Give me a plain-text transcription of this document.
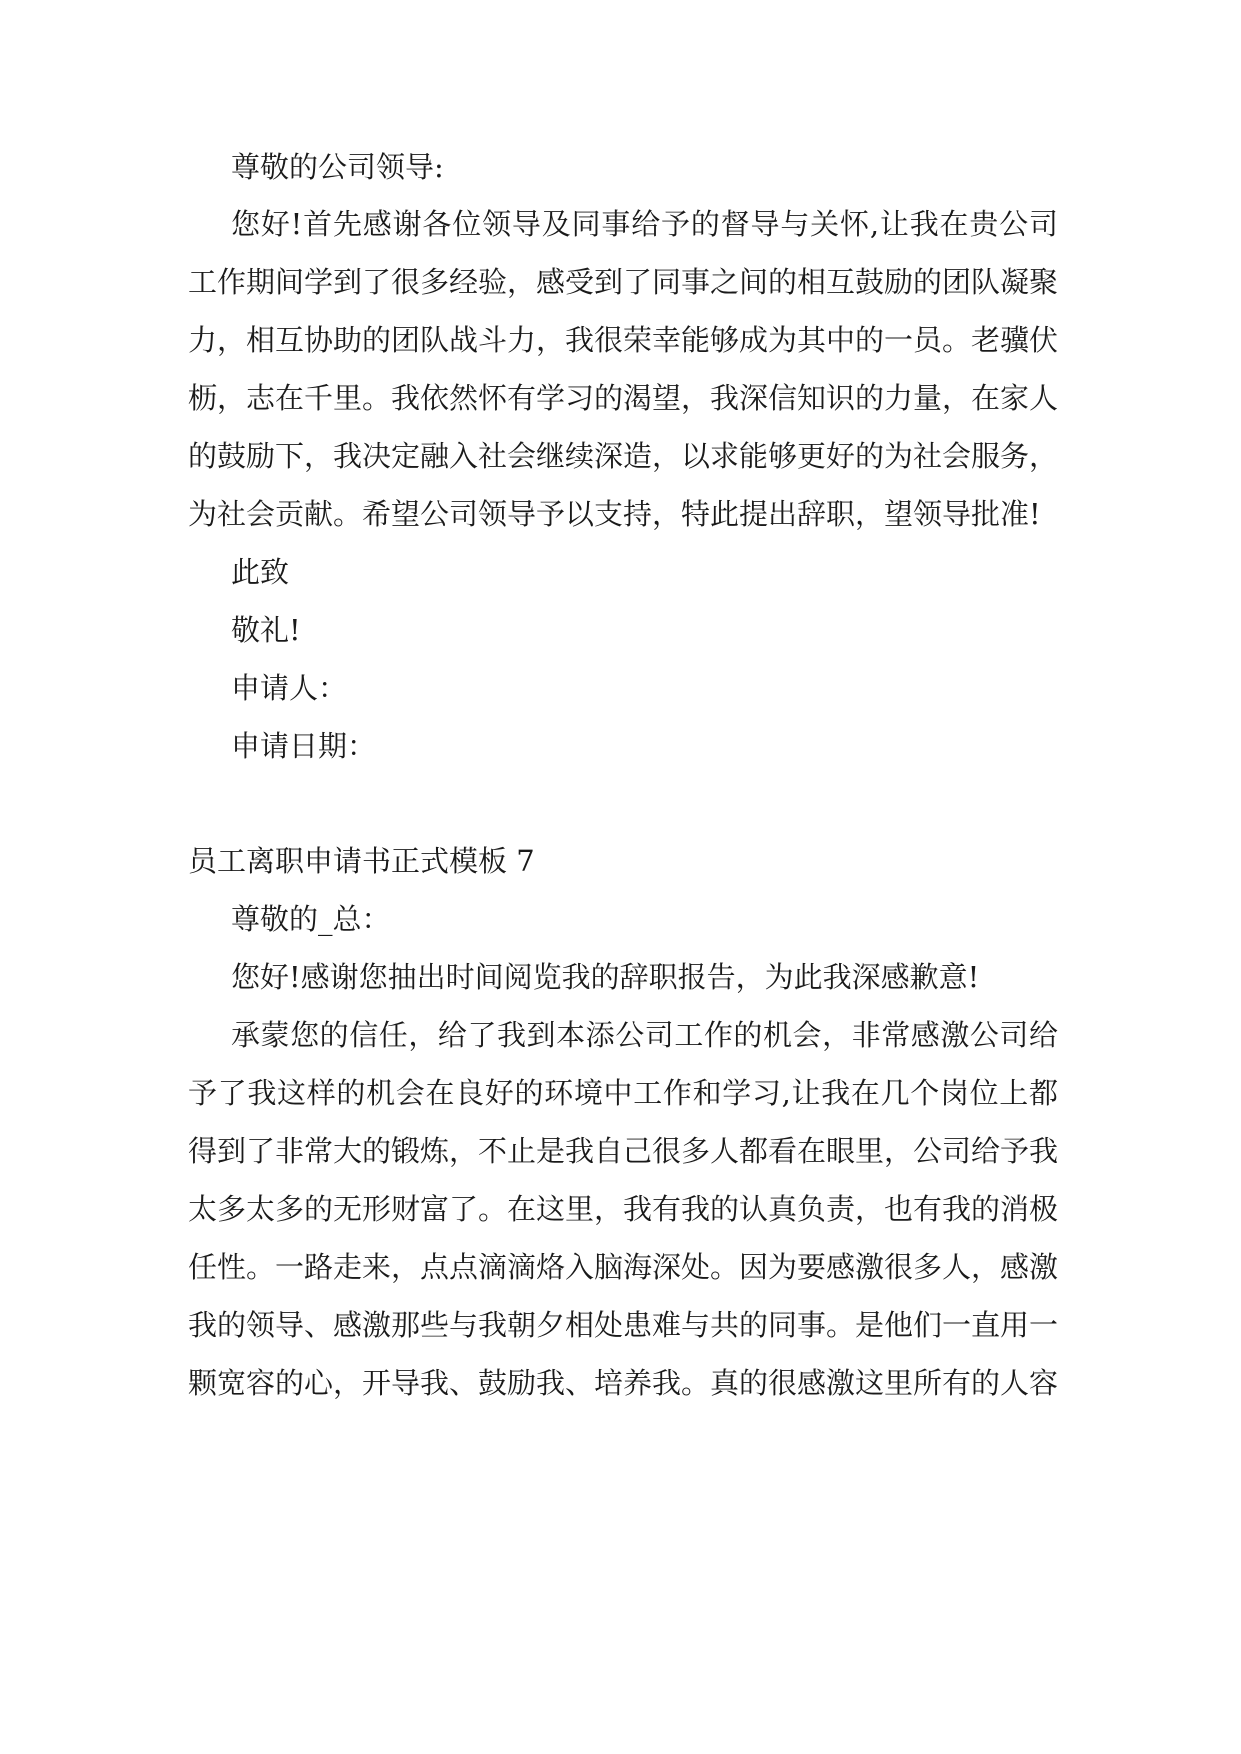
尊敬的公司领导:
您好!首先感谢各位领导及同事给予的督导与关怀,让我在贵公司
工作期间学到了很多经验，感受到了同事之间的相互鼓励的团队凝聚
力，相互协助的团队战斗力，我很荣幸能够成为其中的一员。老骥伏
枥，志在千里。我依然怀有学习的渴望，我深信知识的力量，在家人
的鼓励下，我决定融入社会继续深造，以求能够更好的为社会服务，
为社会贡献。希望公司领导予以支持，特此提出辞职，望领导批准!
此致
敬礼!
申请人：
申请日期：
员工离职申请书正式模板 7
尊敬的_总：
您好!感谢您抽出时间阅览我的辞职报告，为此我深感歉意!
承蒙您的信任，给了我到本添公司工作的机会，非常感激公司给
予了我这样的机会在良好的环境中工作和学习,让我在几个岗位上都
得到了非常大的锻炼，不止是我自己很多人都看在眼里，公司给予我
太多太多的无形财富了。在这里，我有我的认真负责，也有我的消极
任性。一路走来，点点滴滴烙入脑海深处。因为要感激很多人，感激
我的领导、感激那些与我朝夕相处患难与共的同事。是他们一直用一
颗宽容的心，开导我、鼓励我、培养我。真的很感激这里所有的人容
